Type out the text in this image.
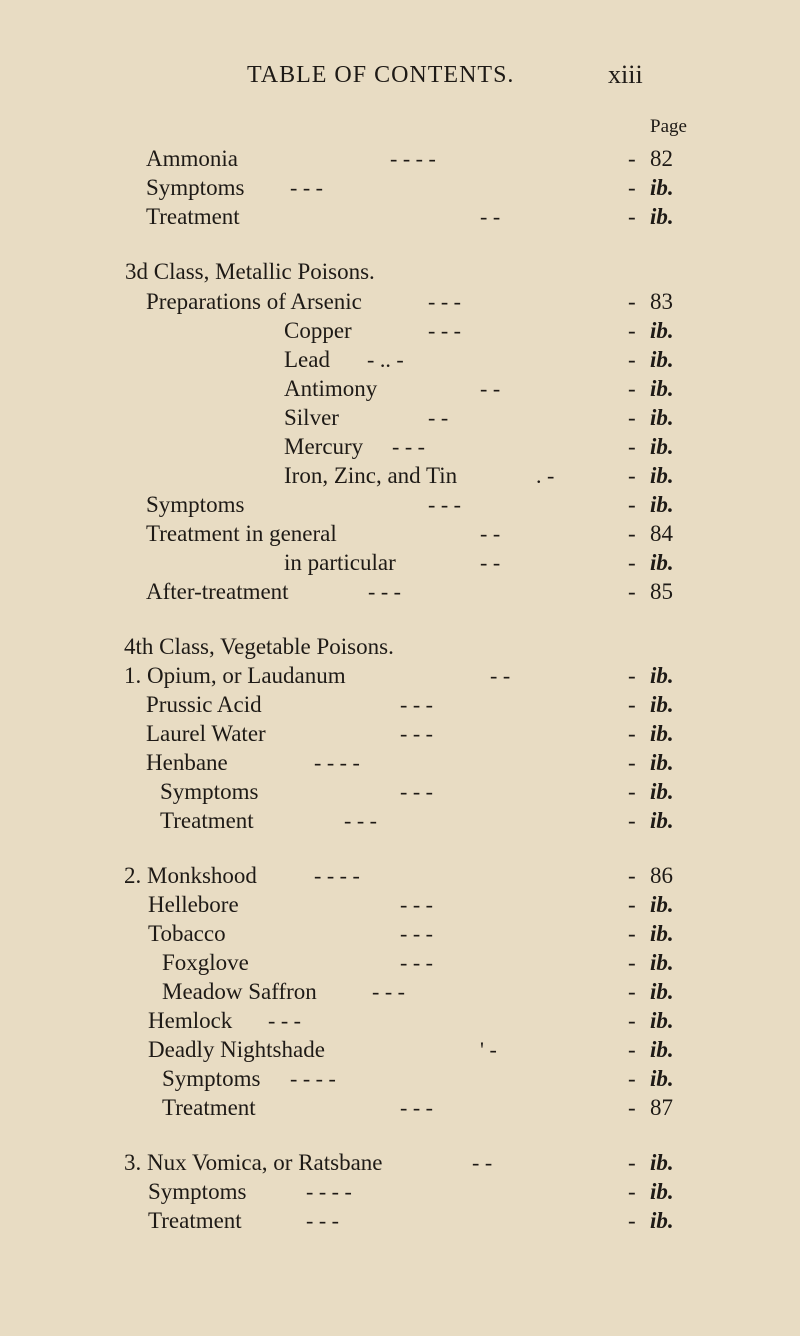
TABLE OF CONTENTS.	xiii
Page
Ammonia	- - - -	- 82
Symptoms - - -	- ib.
Treatment	- -	- ib.
3d Class, Metallic Poisons.
Preparations of Arsenic	- - -	- 83
Copper	- - -	- ib.
Lead - .. -	- ib.
Antimony	- -	- ib.
Silver	- -	- ib.
Mercury - - -	- ib.
Iron, Zinc, and Tin	. -	- ib.
Symptoms	- - -	- ib.
Treatment in general	- -	- 84
in particular	- -	- ib.
After-treatment	- - -	- 85
4th Class, Vegetable Poisons.
1. Opium, or Laudanum	- -	- ib.
Prussic Acid	- - -	- ib.
Laurel Water	- - -	- ib.
Henbane	- - - -	- ib.
Symptoms	- - -	- ib.
Treatment	- - -	- ib.
2. Monkshood	- - - -	- 86
Hellebore	- - -	- ib.
Tobacco	- - -	- ib.
Foxglove	- - -	- ib.
Meadow Saffron	- - -	- ib.
Hemlock - - -	- ib.
Deadly Nightshade	' -	- ib.
Symptoms - - - -	- ib.
Treatment	- - -	- 87
3. Nux Vomica, or Ratsbane	- -	- ib.
Symptoms	- - - -	- ib.
Treatment	- - -	- ib.
